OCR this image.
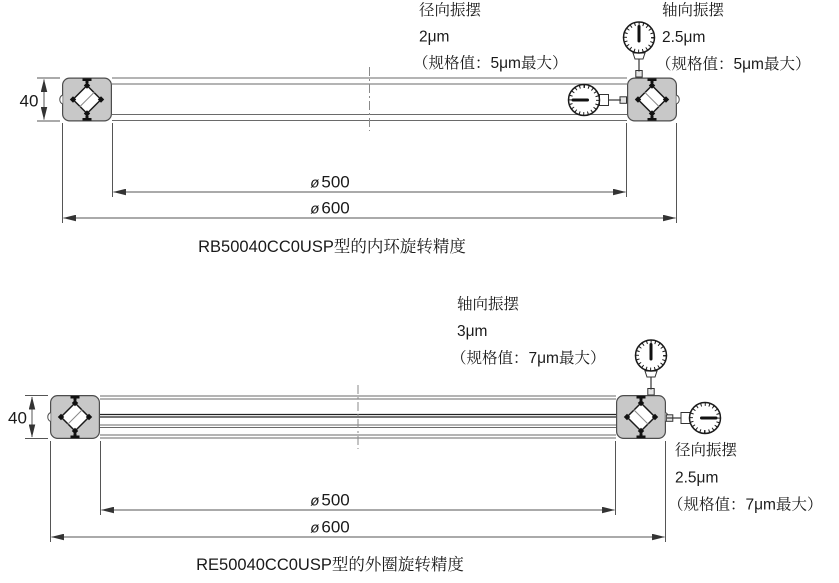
40
ø 500
ø 600
径向振摆
2μm
（规格值：5μm最大）
轴向振摆
2.5μm
（规格值：5μm最大）
RB50040CC0USP型的内环旋转精度
40
ø 500
ø 600
轴向振摆
3μm
（规格值：7μm最大）
径向振摆
2.5μm
（规格值：7μm最大）
RE50040CC0USP型的外圈旋转精度
